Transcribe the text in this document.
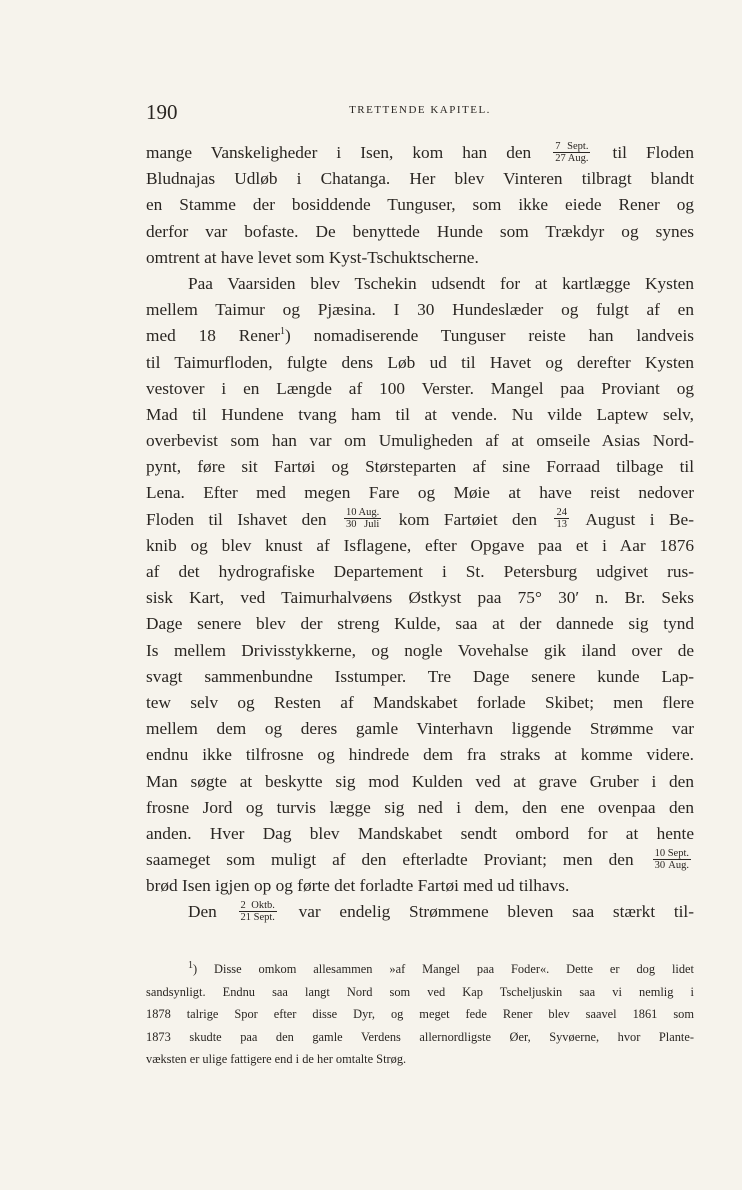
190	TRETTENDE KAPITEL.
mange Vanskeligheder i Isen, kom han den $\frac{\text{7 Sept.}}{\text{27 Aug.}}$ til Floden
Bludnajas Udløb i Chatanga. Her blev Vinteren tilbragt blandt
en Stamme der bosiddende Tunguser, som ikke eiede Rener og
derfor var bofaste. De benyttede Hunde som Trækdyr og synes
omtrent at have levet som Kyst-Tschuktscherne.
Paa Vaarsiden blev Tschekin udsendt for at kartlægge Kysten
mellem Taimur og Pjæsina. I 30 Hundeslæder og fulgt af en
med 18 Rener$^1$) nomadiserende Tunguser reiste han landveis
til Taimurfloden, fulgte dens Løb ud til Havet og derefter Kysten
vestover i en Længde af 100 Verster. Mangel paa Proviant og
Mad til Hundene tvang ham til at vende. Nu vilde Laptew selv,
overbevist som han var om Umuligheden af at omseile Asias Nord-
pynt, føre sit Fartøi og Størsteparten af sine Forraad tilbage til
Lena. Efter med megen Fare og Møie at have reist nedover
Floden til Ishavet den $\frac{\text{10 Aug.}}{\text{30 Juli}}$ kom Fartøiet den $\frac{24}{13}$ August i Be-
knib og blev knust af Isflagene, efter Opgave paa et i Aar 1876
af det hydrografiske Departement i St. Petersburg udgivet rus-
sisk Kart, ved Taimurhalvøens Østkyst paa 75° 30′ n. Br. Seks
Dage senere blev der streng Kulde, saa at der dannede sig tynd
Is mellem Drivisstykkerne, og nogle Vovehalse gik iland over de
svagt sammenbundne Isstumper. Tre Dage senere kunde Lap-
tew selv og Resten af Mandskabet forlade Skibet; men flere
mellem dem og deres gamle Vinterhavn liggende Strømme var
endnu ikke tilfrosne og hindrede dem fra straks at komme videre.
Man søgte at beskytte sig mod Kulden ved at grave Gruber i den
frosne Jord og turvis lægge sig ned i dem, den ene ovenpaa den
anden. Hver Dag blev Mandskabet sendt ombord for at hente
saameget som muligt af den efterladte Proviant; men den $\frac{\text{10 Sept.}}{\text{30 Aug.}}$
brød Isen igjen op og førte det forladte Fartøi med ud tilhavs.
Den $\frac{\text{2 Oktb.}}{\text{21 Sept.}}$ var endelig Strømmene bleven saa stærkt til-
$^1$) Disse omkom allesammen »af Mangel paa Foder«. Dette er dog lidet
sandsynligt. Endnu saa langt Nord som ved Kap Tscheljuskin saa vi nemlig i
1878 talrige Spor efter disse Dyr, og meget fede Rener blev saavel 1861 som
1873 skudte paa den gamle Verdens allernordligste Øer, Syvøerne, hvor Plante-
væksten er ulige fattigere end i de her omtalte Strøg.
